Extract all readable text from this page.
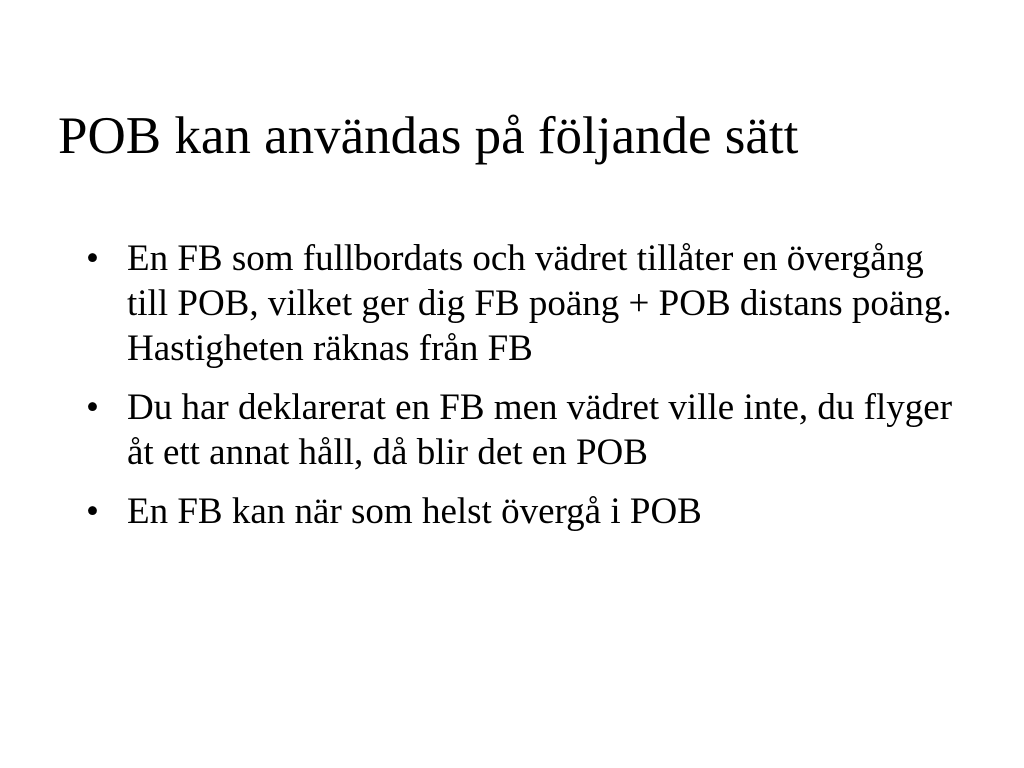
POB kan användas på följande sätt
• En FB som fullbordats och vädret tillåter en övergång till POB, vilket ger dig FB poäng + POB distans poäng. Hastigheten räknas från FB
• Du har deklarerat en FB men vädret ville inte, du flyger åt ett annat håll, då blir det en POB
• En FB kan när som helst övergå i POB
